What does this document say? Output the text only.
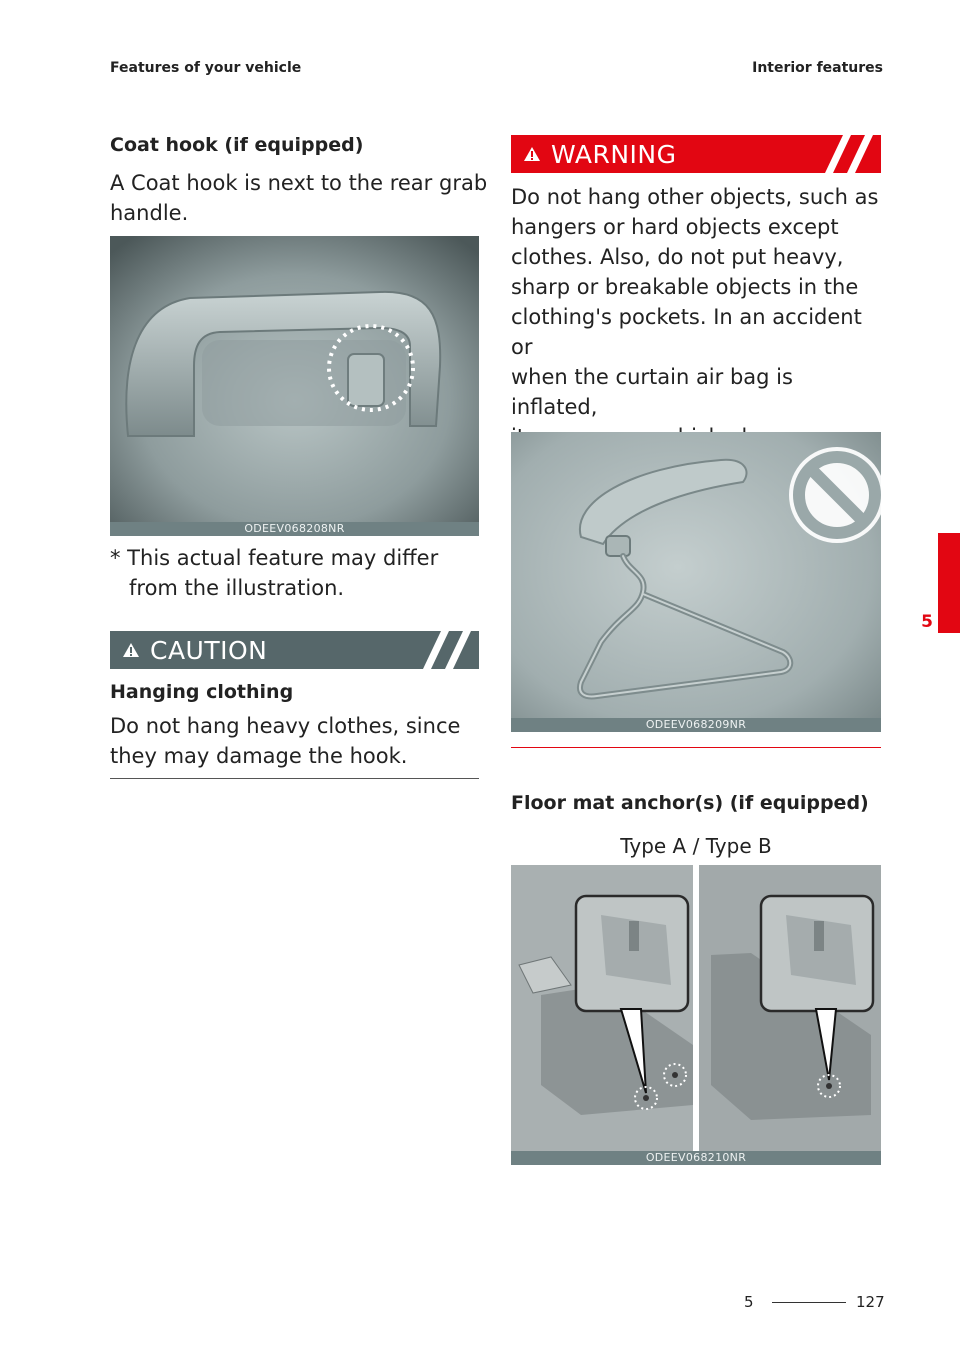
Features of your vehicle	Interior features
Coat hook (if equipped)
A Coat hook is next to the rear grab
handle.
ODEEV068208NR
* This actual feature may differ
from the illustration.
CAUTION
Hanging clothing
Do not hang heavy clothes, since
they may damage the hook.
WARNING
Do not hang other objects, such as
hangers or hard objects except
clothes. Also, do not put heavy,
sharp or breakable objects in the
clothing's pockets. In an accident or
when the curtain air bag is inflated,
ODEEV068209NR
Floor mat anchor(s) (if equipped)
Type A / Type B
ODEEV068210NR
5
5	127
